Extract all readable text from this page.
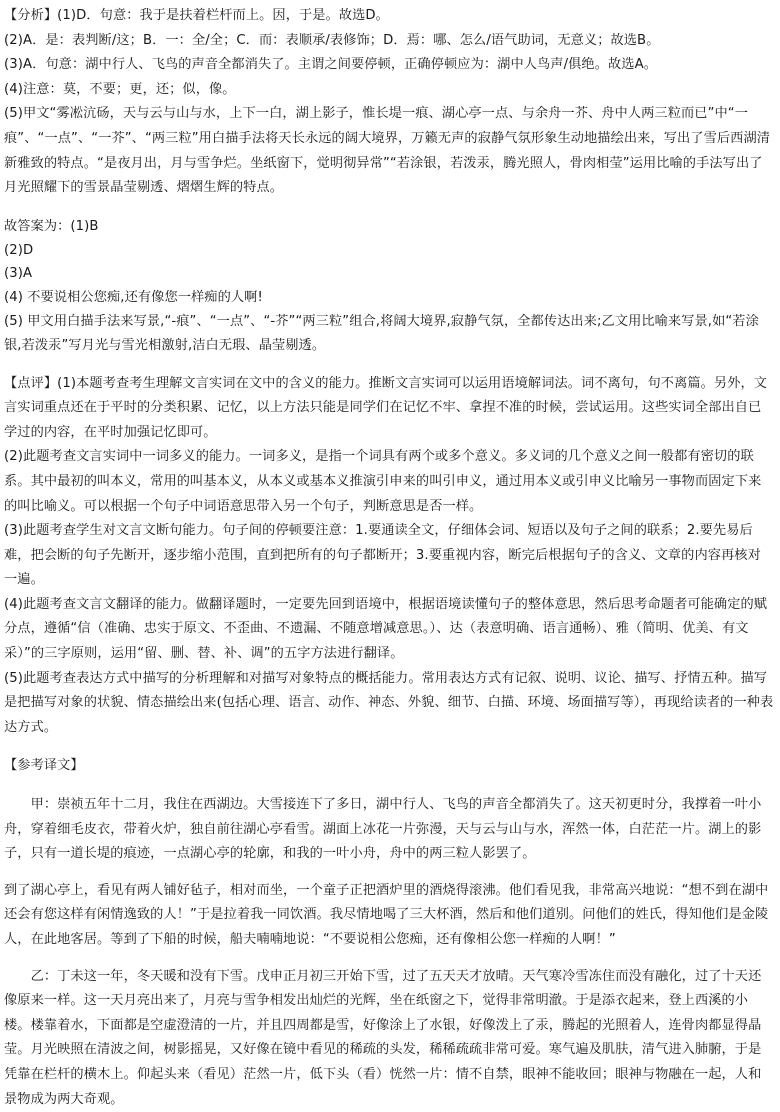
【分析】(1)D．句意：我于是扶着栏杆而上。因，于是。故选D。

(2)A．是：表判断/这；B．一：全/全；C．而：表顺承/表修饰；D．焉：哪、怎么/语气助词，无意义；故选B。

(3)A．句意：湖中行人、飞鸟的声音全都消失了。主谓之间要停顿，正确停顿应为：湖中人鸟声/俱绝。故选A。

(4)注意：莫，不要；更，还；似，像。

(5)甲文“雾凇沆砀，天与云与山与水，上下一白，湖上影子，惟长堤一痕、湖心亭一点、与余舟一芥、舟中人两三粒而已”中“一痕”、“一点”、“一芥”、“两三粒”用白描手法将天长永远的阔大境界，万籁无声的寂静气氛形象生动地描绘出来，写出了雪后西湖清新雅致的特点。“是夜月出，月与雪争烂。坐纸窗下，觉明彻异常”“若涂银，若泼汞，腾光照人，骨肉相莹”运用比喻的手法写出了月光照耀下的雪景晶莹剔透、熠熠生辉的特点。

故答案为：(1)B

(2)D

(3)A

(4) 不要说相公您痴,还有像您一样痴的人啊!

(5) 甲文用白描手法来写景,“-痕”、“一点”、“-芥”“两三粒”组合,将阔大境界,寂静气氛，全都传达出来;乙文用比喻来写景,如“若涂银,若泼汞”写月光与雪光相激射,洁白无瑕、晶莹剔透。

【点评】(1)本题考查考生理解文言实词在文中的含义的能力。推断文言实词可以运用语境解词法。词不离句，句不离篇。另外，文言实词重点还在于平时的分类积累、记忆，以上方法只能是同学们在记忆不牢、拿捏不准的时候，尝试运用。这些实词全部出自已学过的内容，在平时加强记忆即可。

(2)此题考查文言实词中一词多义的能力。一词多义，是指一个词具有两个或多个意义。多义词的几个意义之间一般都有密切的联系。其中最初的叫本义，常用的叫基本义，从本义或基本义推演引申来的叫引申义，通过用本义或引申义比喻另一事物而固定下来的叫比喻义。可以根据一个句子中词语意思带入另一个句子，判断意思是否一样。

(3)此题考查学生对文言文断句能力。句子间的停顿要注意：1.要通读全文，仔细体会词、短语以及句子之间的联系；2.要先易后难，把会断的句子先断开，逐步缩小范围，直到把所有的句子都断开；3.要重视内容，断完后根据句子的含义、文章的内容再核对一遍。

(4)此题考查文言文翻译的能力。做翻译题时，一定要先回到语境中，根据语境读懂句子的整体意思，然后思考命题者可能确定的赋分点，遵循“信（准确、忠实于原文、不歪曲、不遗漏、不随意增减意思。）、达（表意明确、语言通畅）、雅（简明、优美、有文采）”的三字原则，运用“留、删、替、补、调”的五字方法进行翻译。

(5)此题考查表达方式中描写的分析理解和对描写对象特点的概括能力。常用表达方式有记叙、说明、议论、描写、抒情五种。描写是把描写对象的状貌、情态描绘出来(包括心理、语言、动作、神态、外貌、细节、白描、环境、场面描写等），再现给读者的一种表达方式。

【参考译文】

　　甲：崇祯五年十二月，我住在西湖边。大雪接连下了多日，湖中行人、飞鸟的声音全都消失了。这天初更时分，我撑着一叶小舟，穿着细毛皮衣，带着火炉，独自前往湖心亭看雪。湖面上冰花一片弥漫，天与云与山与水，浑然一体，白茫茫一片。湖上的影子，只有一道长堤的痕迹，一点湖心亭的轮廓，和我的一叶小舟，舟中的两三粒人影罢了。

到了湖心亭上，看见有两人铺好毡子，相对而坐，一个童子正把酒炉里的酒烧得滚沸。他们看见我，非常高兴地说：“想不到在湖中还会有您这样有闲情逸致的人！”于是拉着我一同饮酒。我尽情地喝了三大杯酒，然后和他们道别。问他们的姓氏，得知他们是金陵人，在此地客居。等到了下船的时候，船夫喃喃地说：“不要说相公您痴，还有像相公您一样痴的人啊！”

　　乙：丁未这一年，冬天暖和没有下雪。戊申正月初三开始下雪，过了五天天才放晴。天气寒冷雪冻住而没有融化，过了十天还像原来一样。这一天月亮出来了，月亮与雪争相发出灿烂的光辉，坐在纸窗之下，觉得非常明澈。于是添衣起来，登上西溪的小楼。楼靠着水，下面都是空虚澄清的一片，并且四周都是雪，好像涂上了水银，好像泼上了汞，腾起的光照着人，连骨肉都显得晶莹。月光映照在清波之间，树影摇晃，又好像在镜中看见的稀疏的头发，稀稀疏疏非常可爱。寒气遍及肌肤，清气进入肺腑，于是凭靠在栏杆的横木上。仰起头来（看见）茫然一片，低下头（看）恍然一片：情不自禁，眼神不能收回；眼神与物融在一起，人和景物成为两大奇观。
